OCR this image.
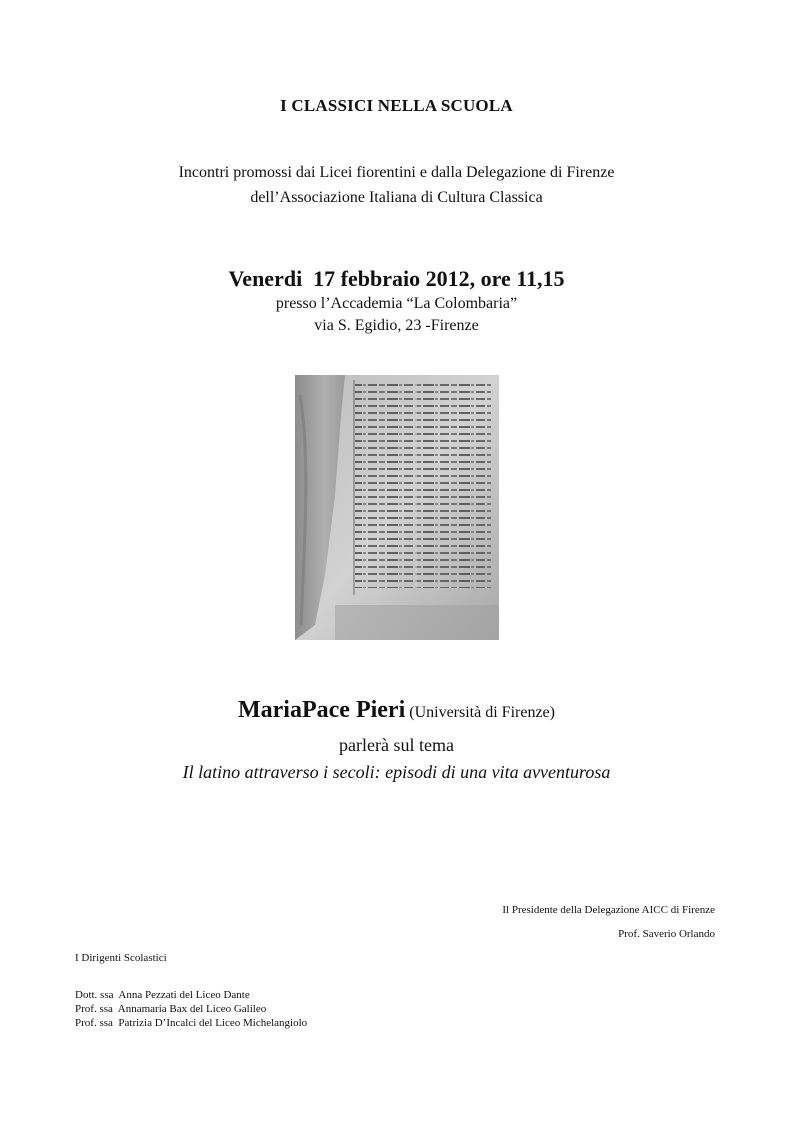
I CLASSICI NELLA SCUOLA
Incontri promossi dai Licei fiorentini e dalla Delegazione di Firenze
dell’Associazione Italiana di Cultura Classica
Venerdi  17 febbraio 2012, ore 11,15
presso l’Accademia “La Colombaria”
via S. Egidio, 23 -Firenze
MariaPace Pieri (Università di Firenze)
parlerà sul tema
Il latino attraverso i secoli: episodi di una vita avventurosa
Il Presidente della Delegazione AICC di Firenze
Prof. Saverio Orlando
I Dirigenti Scolastici
Dott. ssa  Anna Pezzati del Liceo Dante
Prof. ssa  Annamaria Bax del Liceo Galileo
Prof. ssa  Patrizia D’Incalci del Liceo Michelangiolo
